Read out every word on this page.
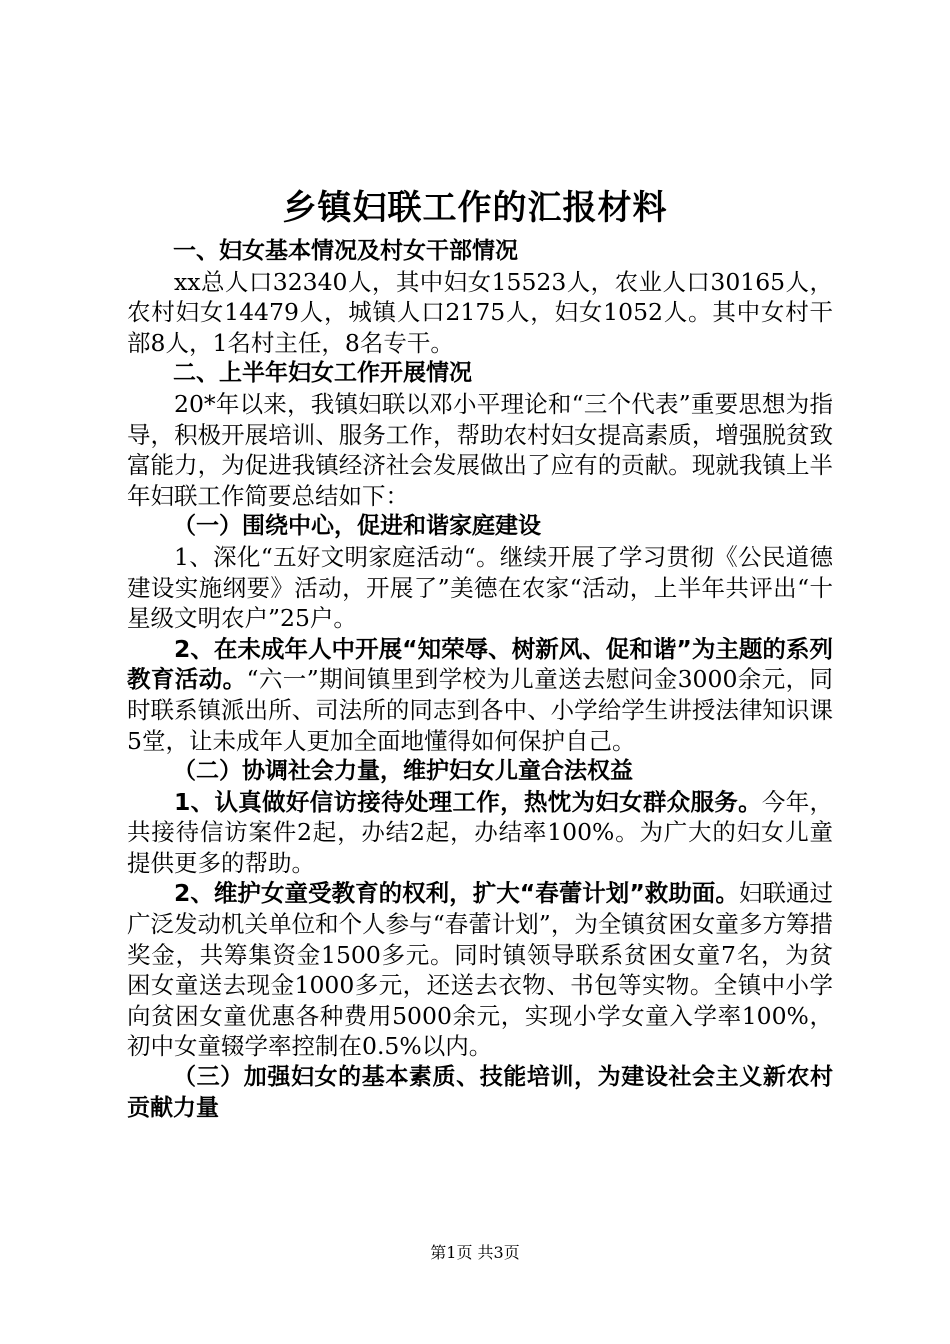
乡镇妇联工作的汇报材料

一、妇女基本情况及村女干部情况

xx总人口32340人，其中妇女15523人，农业人口30165人，农村妇女14479人，城镇人口2175人，妇女1052人。其中女村干部8人，1名村主任，8名专干。

二、上半年妇女工作开展情况

20*年以来，我镇妇联以邓小平理论和“三个代表”重要思想为指导，积极开展培训、服务工作，帮助农村妇女提高素质，增强脱贫致富能力，为促进我镇经济社会发展做出了应有的贡献。现就我镇上半年妇联工作简要总结如下：

（一）围绕中心，促进和谐家庭建设

1、深化“五好文明家庭活动“。继续开展了学习贯彻《公民道德建设实施纲要》活动，开展了”美德在农家“活动，上半年共评出“十星级文明农户”25户。

2、在未成年人中开展“知荣辱、树新风、促和谐”为主题的系列教育活动。“六一”期间镇里到学校为儿童送去慰问金3000余元，同时联系镇派出所、司法所的同志到各中、小学给学生讲授法律知识课5堂，让未成年人更加全面地懂得如何保护自己。

（二）协调社会力量，维护妇女儿童合法权益

1、认真做好信访接待处理工作，热忱为妇女群众服务。今年，共接待信访案件2起，办结2起，办结率100%。为广大的妇女儿童提供更多的帮助。

2、维护女童受教育的权利，扩大“春蕾计划”救助面。妇联通过广泛发动机关单位和个人参与“春蕾计划”，为全镇贫困女童多方筹措奖金，共筹集资金1500多元。同时镇领导联系贫困女童7名，为贫困女童送去现金1000多元，还送去衣物、书包等实物。全镇中小学向贫困女童优惠各种费用5000余元，实现小学女童入学率100%，初中女童辍学率控制在0.5%以内。

（三）加强妇女的基本素质、技能培训，为建设社会主义新农村贡献力量

第1页 共3页
